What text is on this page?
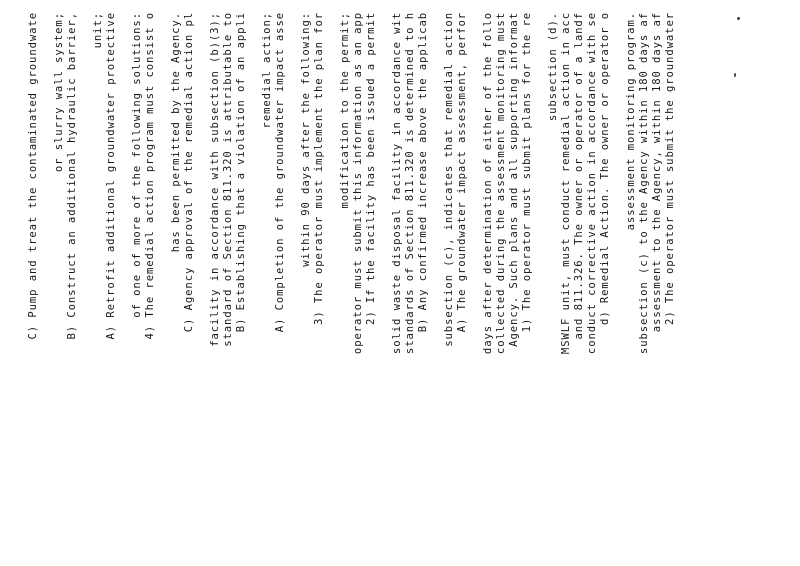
2) The operator must submit the groundwater
assessment to the Agency, within 180 days af
subsection (c) to the Agency within 180 days af
assessment monitoring program.
d) Remedial Action. The owner or operator o
conduct corrective action in accordance with se
and 811.326. The owner or operator of a landf
MSWLF unit, must conduct remedial action in acc
subsection (d).
1) The operator must submit plans for the re
Agency. Such plans and all supporting informat
collected during the assessment monitoring must
days after determination of either of the follo
A) The groundwater impact assessment, perfor
subsection (c), indicates that remedial action
B) Any confirmed increase above the applicab
standards of Section 811.320 is determined to h
solid waste disposal facility in accordance wit
2) If the facility has been issued a permit
operator must submit this information as an app
modification to the permit;
3) The operator must implement the plan for
within 90 days after the following:
A) Completion of the groundwater impact asse
remedial action;
B) Establishing that a violation of an appli
standard of Section 811.320 is attributable to
facility in accordance with subsection (b)(3);
C) Agency approval of the remedial action pl
has been permitted by the Agency.
4) The remedial action program must consist o
of one of more of the following solutions:
A) Retrofit additional groundwater protective
unit;
B) Construct an additional hydraulic barrier,
or slurry wall system;
C) Pump and treat the contaminated groundwate
